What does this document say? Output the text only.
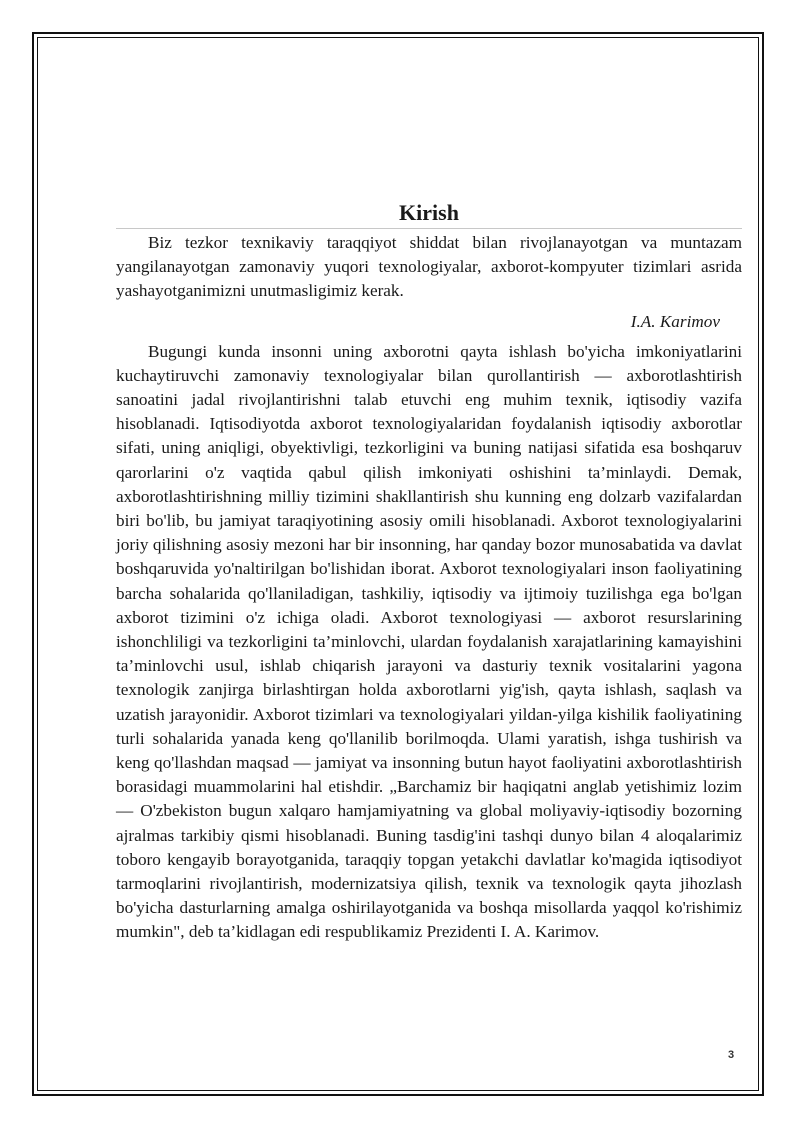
Kirish

Biz tezkor texnikaviy taraqqiyot shiddat bilan rivojlanayotgan va muntazam yangilanayotgan zamonaviy yuqori texnologiyalar, axborot-kompyuter tizimlari asrida yashayotganimizni unutmasligimiz kerak.

I.A. Karimov

Bugungi kunda insonni uning axborotni qayta ishlash bo'yicha imkoniyatlarini kuchaytiruvchi zamonaviy texnologiyalar bilan qurollantirish — axborotlashtirish sanoatini jadal rivojlantirishni talab etuvchi eng muhim texnik, iqtisodiy vazifa hisoblanadi. Iqtisodiyotda axborot texnologiyalaridan foydalanish iqtisodiy axborotlar sifati, uning aniqligi, obyektivligi, tezkorligini va buning natijasi sifatida esa boshqaruv qarorlarini o'z vaqtida qabul qilish imkoniyati oshishini ta’minlaydi. Demak, axborotlashtirishning milliy tizimini shakllantirish shu kunning eng dolzarb vazifalardan biri bo'lib, bu jamiyat taraqiyotining asosiy omili hisoblanadi. Axborot texnologiyalarini joriy qilishning asosiy mezoni har bir insonning, har qanday bozor munosabatida va davlat boshqaruvida yo'naltirilgan bo'lishidan iborat. Axborot texnologiyalari inson faoliyatining barcha sohalarida qo'llaniladigan, tashkiliy, iqtisodiy va ijtimoiy tuzilishga ega bo'lgan axborot tizimini o'z ichiga oladi. Axborot texnologiyasi — axborot resurslarining ishonchliligi va tezkorligini ta’minlovchi, ulardan foydalanish xarajatlarining kamayishini ta’minlovchi usul, ishlab chiqarish jarayoni va dasturiy texnik vositalarini yagona texnologik zanjirga birlashtirgan holda axborotlarni yig'ish, qayta ishlash, saqlash va uzatish jarayonidir. Axborot tizimlari va texnologiyalari yildan-yilga kishilik faoliyatining turli sohalarida yanada keng qo'llanilib borilmoqda. Ulami yaratish, ishga tushirish va keng qo'llashdan maqsad — jamiyat va insonning butun hayot faoliyatini axborotlashtirish borasidagi muammolarini hal etishdir. „Barchamiz bir haqiqatni anglab yetishimiz lozim — O'zbekiston bugun xalqaro hamjamiyatning va global moliyaviy-iqtisodiy bozorning ajralmas tarkibiy qismi hisoblanadi. Buning tasdig'ini tashqi dunyo bilan 4 aloqalarimiz toboro kengayib borayotganida, taraqqiy topgan yetakchi davlatlar ko'magida iqtisodiyot tarmoqlarini rivojlantirish, modernizatsiya qilish, texnik va texnologik qayta jihozlash bo'yicha dasturlarning amalga oshirilayotganida va boshqa misollarda yaqqol ko'rishimiz mumkin", deb ta’kidlagan edi respublikamiz Prezidenti I. A. Karimov.

3
